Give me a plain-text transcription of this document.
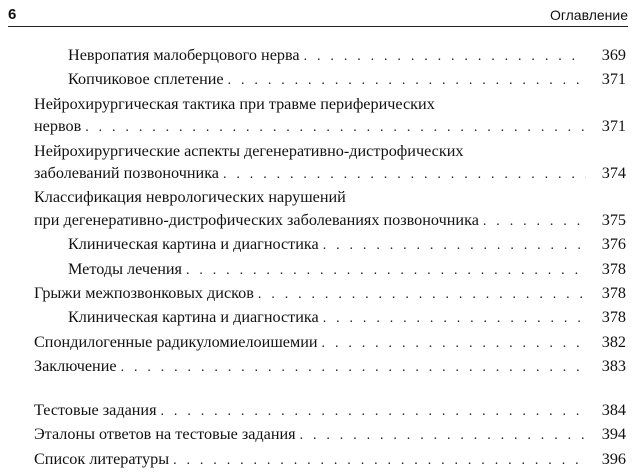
6	Оглавление
Невропатия малоберцового нерва . . .	369
Копчиковое сплетение . . .	371
Нейрохирургическая тактика при травме периферических
нервов . . .	371
Нейрохирургические аспекты дегенеративно-дистрофических
заболеваний позвоночника . . .	374
Классификация неврологических нарушений
при дегенеративно-дистрофических заболеваниях позвоночника . . .	375
Клиническая картина и диагностика . . .	376
Методы лечения . . .	378
Грыжи межпозвонковых дисков . . .	378
Клиническая картина и диагностика . . .	378
Спондилогенные радикуломиелоишемии . . .	382
Заключение . . .	383
Тестовые задания . . .	384
Эталоны ответов на тестовые задания . . .	394
Список литературы . . .	396
